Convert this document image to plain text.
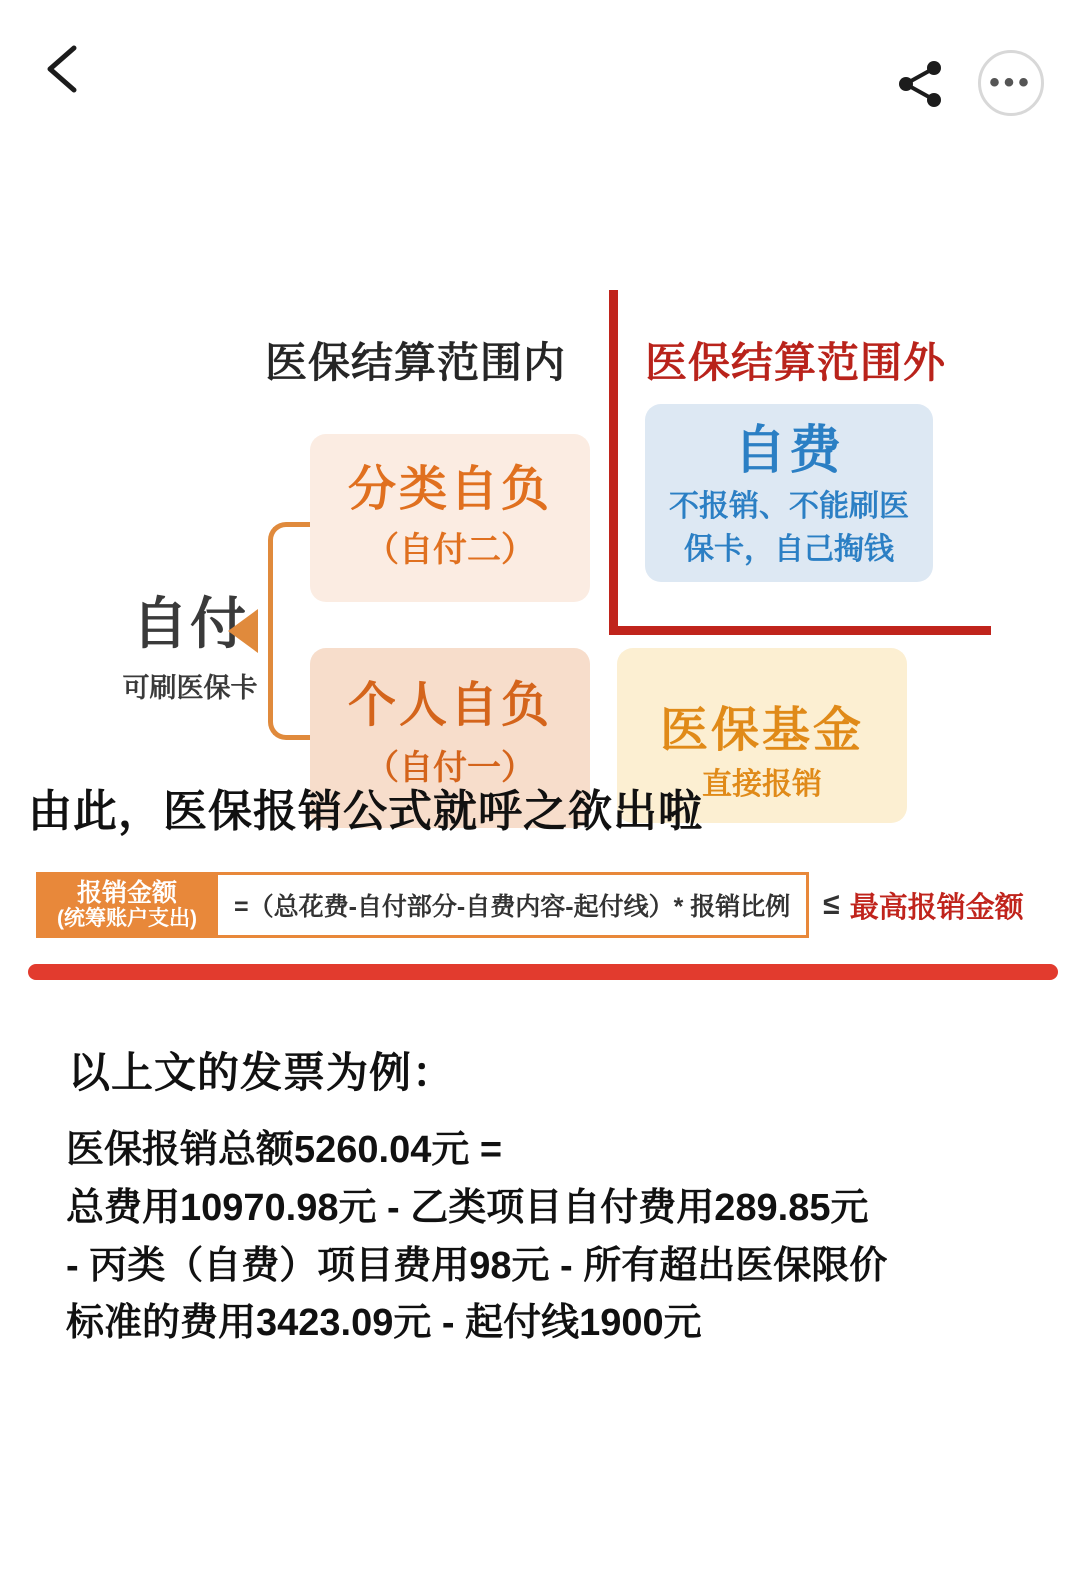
•••
医保结算范围内 医保结算范围外
自付
可刷医保卡
分类自负
（自付二）
个人自负
（自付一）
自费
不报销、不能刷医
保卡，自己掏钱
医保基金
直接报销
由此，医保报销公式就呼之欲出啦
报销金额
(统筹账户支出)	=（总花费-自付部分-自费内容-起付线）* 报销比例	≤ 最高报销金额
以上文的发票为例：
医保报销总额5260.04元 =
总费用10970.98元 - 乙类项目自付费用289.85元
- 丙类（自费）项目费用98元 - 所有超出医保限价
标准的费用3423.09元 - 起付线1900元
